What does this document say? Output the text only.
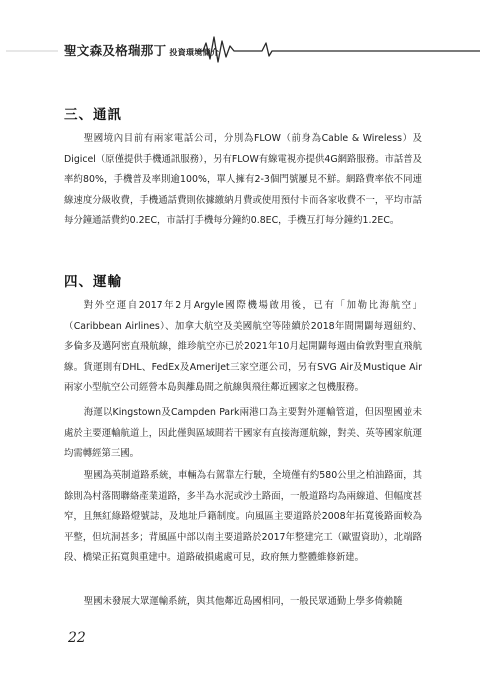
聖文森及格瑞那丁 投資環境簡介
三、通訊

聖國境內目前有兩家電話公司，分別為FLOW（前身為Cable & Wireless）及Digicel（原僅提供手機通訊服務），另有FLOW有線電視亦提供4G網路服務。市話普及率約80%，手機普及率則逾100%，單人擁有2-3個門號屢見不鮮。網路費率依不同連線速度分級收費，手機通話費則依據繳納月費或使用預付卡而各家收費不一，平均市話每分鐘通話費約0.2EC，市話打手機每分鐘約0.8EC，手機互打每分鐘約1.2EC。

四、運輸

對外空運自2017年2月Argyle國際機場啟用後，已有「加勒比海航空」（Caribbean Airlines）、加拿大航空及美國航空等陸續於2018年間開闢每週紐約、多倫多及邁阿密直飛航線，維珍航空亦已於2021年10月起開闢每週由倫敦對聖直飛航線。貨運則有DHL、FedEx及AmeriJet三家空運公司，另有SVG Air及Mustique Air兩家小型航空公司經營本島與離島間之航線與飛往鄰近國家之包機服務。

海運以Kingstown及Campden Park兩港口為主要對外運輸管道，但因聖國並未處於主要運輸航道上，因此僅與區域間若干國家有直接海運航線，對美、英等國家航運均需轉經第三國。

聖國為英制道路系統，車輛為右駕靠左行駛，全境僅有約580公里之柏油路面，其餘則為村落間聯絡產業道路，多半為水泥或沙土路面，一般道路均為兩線道、但幅度甚窄，且無紅綠路燈號誌，及地址戶籍制度。向風區主要道路於2008年拓寬後路面較為平整，但坑洞甚多；背風區中部以南主要道路於2017年整建完工（歐盟資助），北端路段、橋梁正拓寬與重建中。道路破損處處可見，政府無力整體維修新建。

聖國未發展大眾運輸系統，與其他鄰近島國相同，一般民眾通勤上學多倚賴隨

22
